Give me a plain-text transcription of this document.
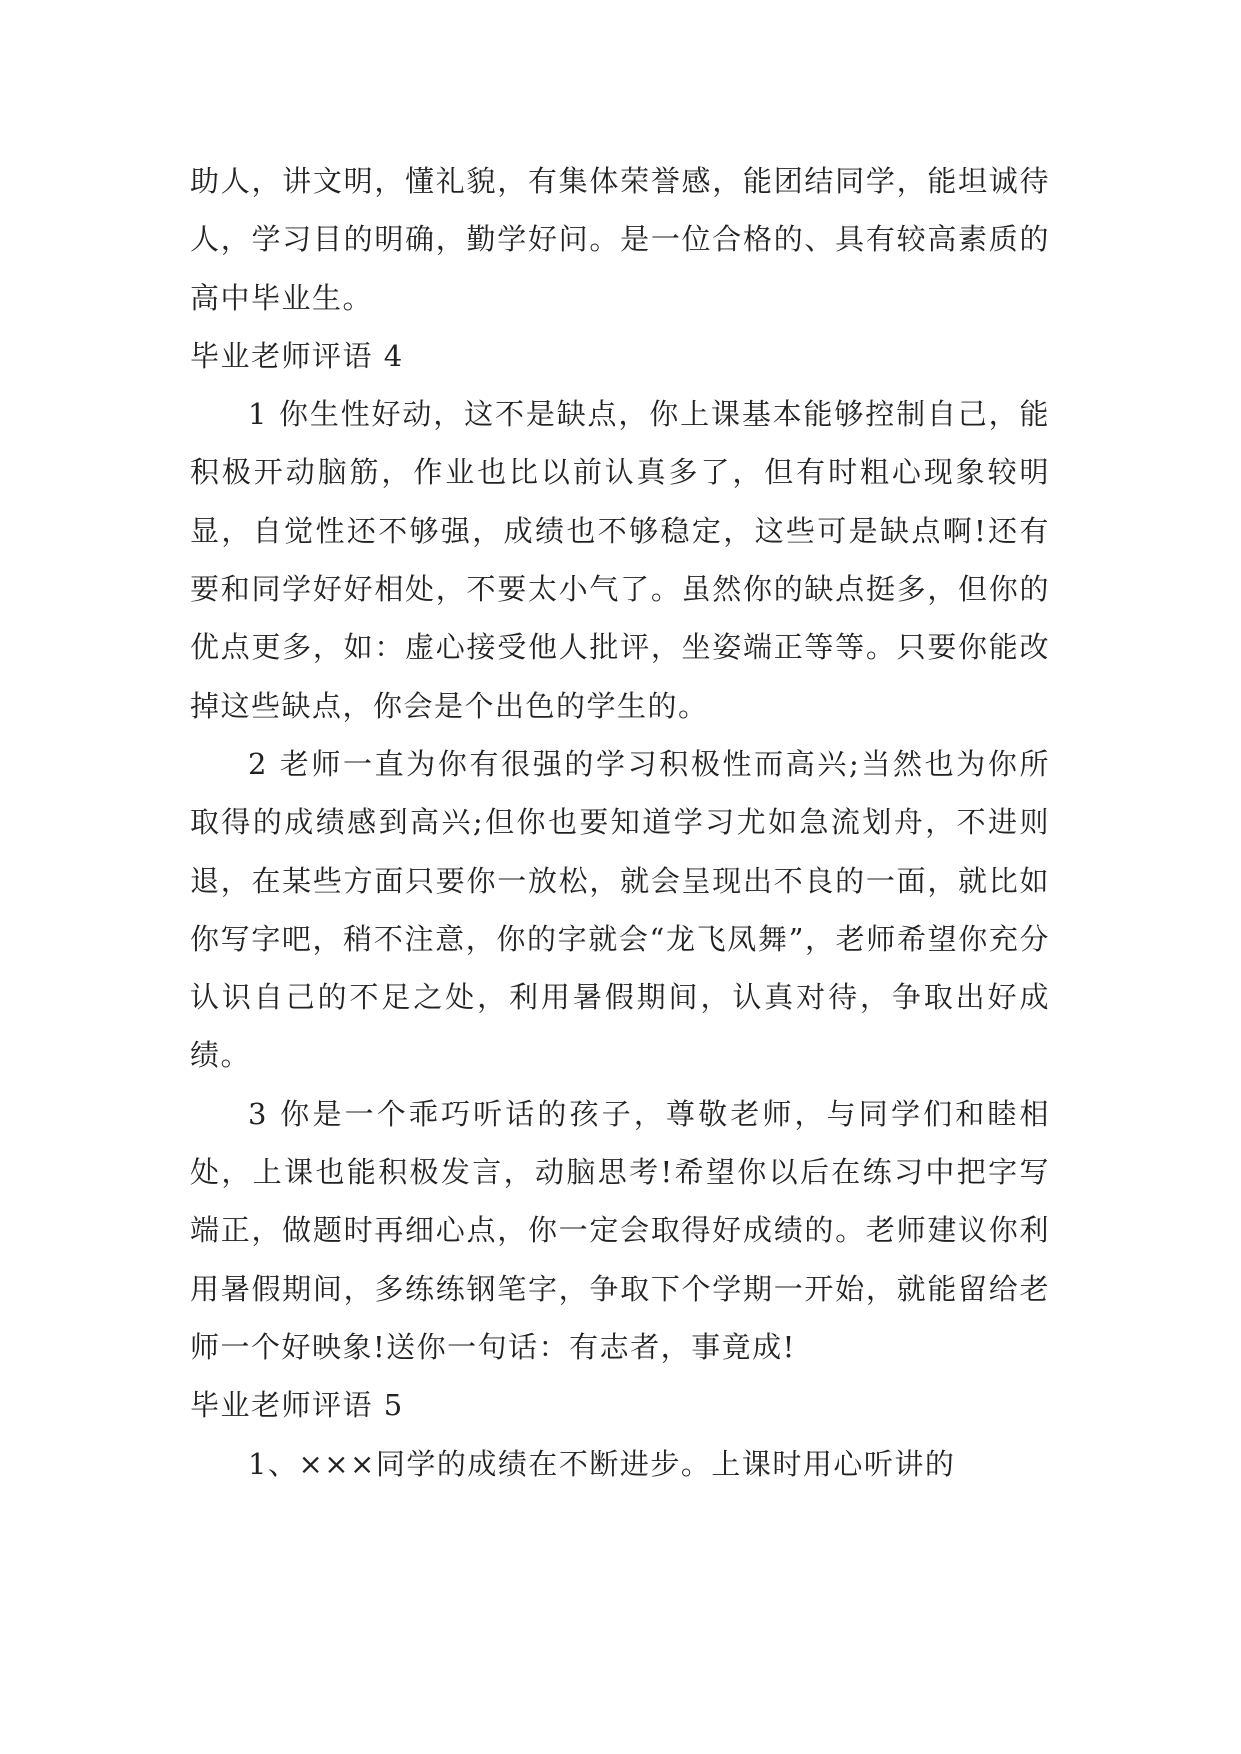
助人，讲文明，懂礼貌，有集体荣誉感，能团结同学，能坦诚待人，学习目的明确，勤学好问。是一位合格的、具有较高素质的高中毕业生。

毕业老师评语 4

1 你生性好动，这不是缺点，你上课基本能够控制自己，能积极开动脑筋，作业也比以前认真多了，但有时粗心现象较明显，自觉性还不够强，成绩也不够稳定，这些可是缺点啊!还有要和同学好好相处，不要太小气了。虽然你的缺点挺多，但你的优点更多，如：虚心接受他人批评，坐姿端正等等。只要你能改掉这些缺点，你会是个出色的学生的。

2 老师一直为你有很强的学习积极性而高兴;当然也为你所取得的成绩感到高兴;但你也要知道学习尤如急流划舟，不进则退，在某些方面只要你一放松，就会呈现出不良的一面，就比如你写字吧，稍不注意，你的字就会“龙飞凤舞”，老师希望你充分认识自己的不足之处，利用暑假期间，认真对待，争取出好成绩。

3 你是一个乖巧听话的孩子，尊敬老师，与同学们和睦相处，上课也能积极发言，动脑思考!希望你以后在练习中把字写端正，做题时再细心点，你一定会取得好成绩的。老师建议你利用暑假期间，多练练钢笔字，争取下个学期一开始，就能留给老师一个好映象!送你一句话：有志者，事竟成!

毕业老师评语 5

1、×××同学的成绩在不断进步。上课时用心听讲的
